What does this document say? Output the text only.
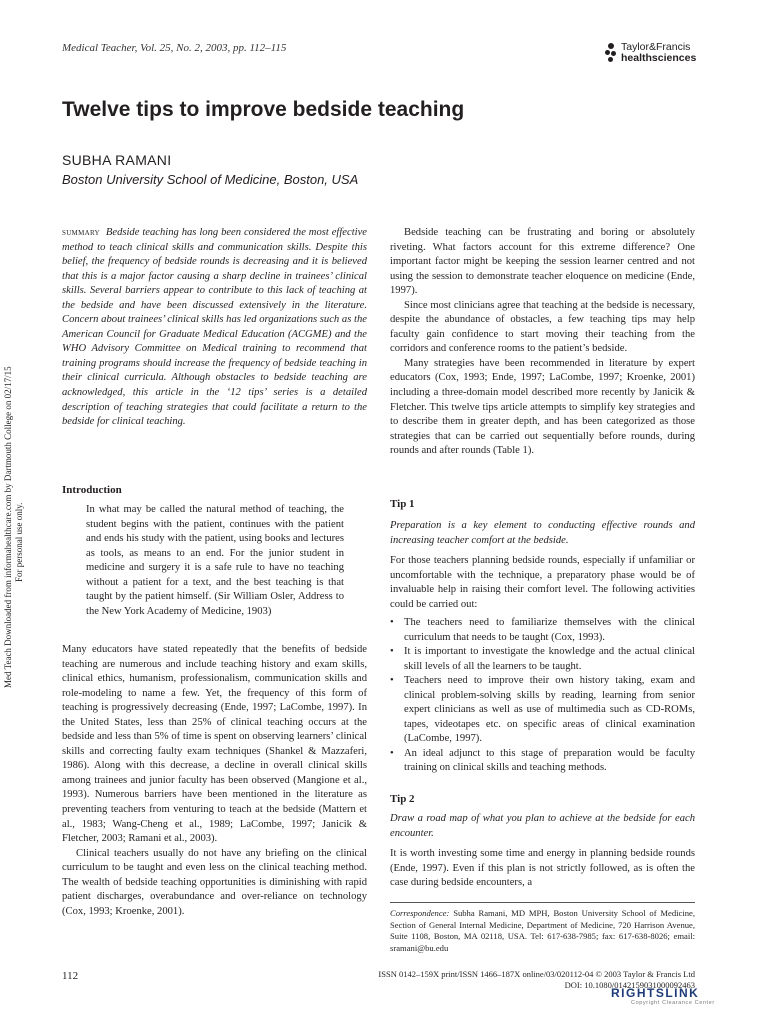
Medical Teacher, Vol. 25, No. 2, 2003, pp. 112–115	Taylor&Francis
healthsciences
Twelve tips to improve bedside teaching
SUBHA RAMANI
Boston University School of Medicine, Boston, USA
summary Bedside teaching has long been considered the most effective method to teach clinical skills and communication skills. Despite this belief, the frequency of bedside rounds is decreasing and it is believed that this is a major factor causing a sharp decline in trainees’ clinical skills. Several barriers appear to contribute to this lack of teaching at the bedside and have been discussed extensively in the literature. Concern about trainees’ clinical skills has led organizations such as the American Council for Graduate Medical Education (ACGME) and the WHO Advisory Committee on Medical training to recommend that training programs should increase the frequency of bedside teaching in their clinical curricula. Although obstacles to bedside teaching are acknowledged, this article in the ‘12 tips’ series is a detailed description of teaching strategies that could facilitate a return to the bedside for clinical teaching.
Introduction
In what may be called the natural method of teaching, the student begins with the patient, continues with the patient and ends his study with the patient, using books and lectures as tools, as means to an end. For the junior student in medicine and surgery it is a safe rule to have no teaching without a patient for a text, and the best teaching is that taught by the patient himself. (Sir William Osler, Address to the New York Academy of Medicine, 1903)

Many educators have stated repeatedly that the benefits of bedside teaching are numerous and include teaching history and exam skills, clinical ethics, humanism, professionalism, communication skills and role-modeling to name a few. Yet, the frequency of this form of teaching is progressively decreasing (Ende, 1997; LaCombe, 1997). In the United States, less than 25% of clinical teaching occurs at the bedside and less than 5% of time is spent on observing learners’ clinical skills and correcting faulty exam techniques (Shankel & Mazzaferi, 1986). Along with this decrease, a decline in overall clinical skills among trainees and junior faculty has been observed (Mangione et al., 1993). Numerous barriers have been mentioned in the literature as preventing teachers from venturing to teach at the bedside (Mattern et al., 1983; Wang-Cheng et al., 1989; LaCombe, 1997; Janicik & Fletcher, 2003; Ramani et al., 2003).

Clinical teachers usually do not have any briefing on the clinical curriculum to be taught and even less on the clinical teaching method. The wealth of bedside teaching opportunities is diminishing with rapid patient discharges, overabundance and over-reliance on technology (Cox, 1993; Kroenke, 2001).

Bedside teaching can be frustrating and boring or absolutely riveting. What factors account for this extreme difference? One important factor might be keeping the session learner centred and not using the session to demonstrate teacher eloquence on medicine (Ende, 1997).

Since most clinicians agree that teaching at the bedside is necessary, despite the abundance of obstacles, a few teaching tips may help faculty gain confidence to start moving their teaching from the corridors and conference rooms to the patient’s bedside.

Many strategies have been recommended in literature by expert educators (Cox, 1993; Ende, 1997; LaCombe, 1997; Kroenke, 2001) including a three-domain model described more recently by Janicik & Fletcher. This twelve tips article attempts to simplify key strategies and to describe them in greater depth, and has been categorized as those strategies that can be carried out sequentially before rounds, during rounds and after rounds (Table 1).

Tip 1
Preparation is a key element to conducting effective rounds and increasing teacher comfort at the bedside.
For those teachers planning bedside rounds, especially if unfamiliar or uncomfortable with the technique, a preparatory phase would be of invaluable help in raising their comfort level. The following activities could be carried out:
• The teachers need to familiarize themselves with the clinical curriculum that needs to be taught (Cox, 1993).
• It is important to investigate the knowledge and the actual clinical skill levels of all the learners to be taught.
• Teachers need to improve their own history taking, exam and clinical problem-solving skills by reading, learning from senior expert clinicians as well as use of multimedia such as CD-ROMs, tapes, videotapes etc. on specific areas of clinical examination (LaCombe, 1997).
• An ideal adjunct to this stage of preparation would be faculty training on clinical skills and teaching methods.
Tip 2
Draw a road map of what you plan to achieve at the bedside for each encounter.
It is worth investing some time and energy in planning bedside rounds (Ende, 1997). Even if this plan is not strictly followed, as is often the case during bedside encounters, a
Correspondence: Subha Ramani, MD MPH, Boston University School of Medicine, Section of General Internal Medicine, Department of Medicine, 720 Harrison Avenue, Suite 1108, Boston, MA 02118, USA. Tel: 617-638-7985; fax: 617-638-8026; email: sramani@bu.edu
112	ISSN 0142–159X print/ISSN 1466–187X online/03/020112-04 © 2003 Taylor & Francis Ltd
DOI: 10.1080/0142159031000092463
Med Teach Downloaded from informahealthcare.com by Dartmouth College on 02/17/15 For personal use only.
RIGHTSLINK
Copyright Clearance Center
